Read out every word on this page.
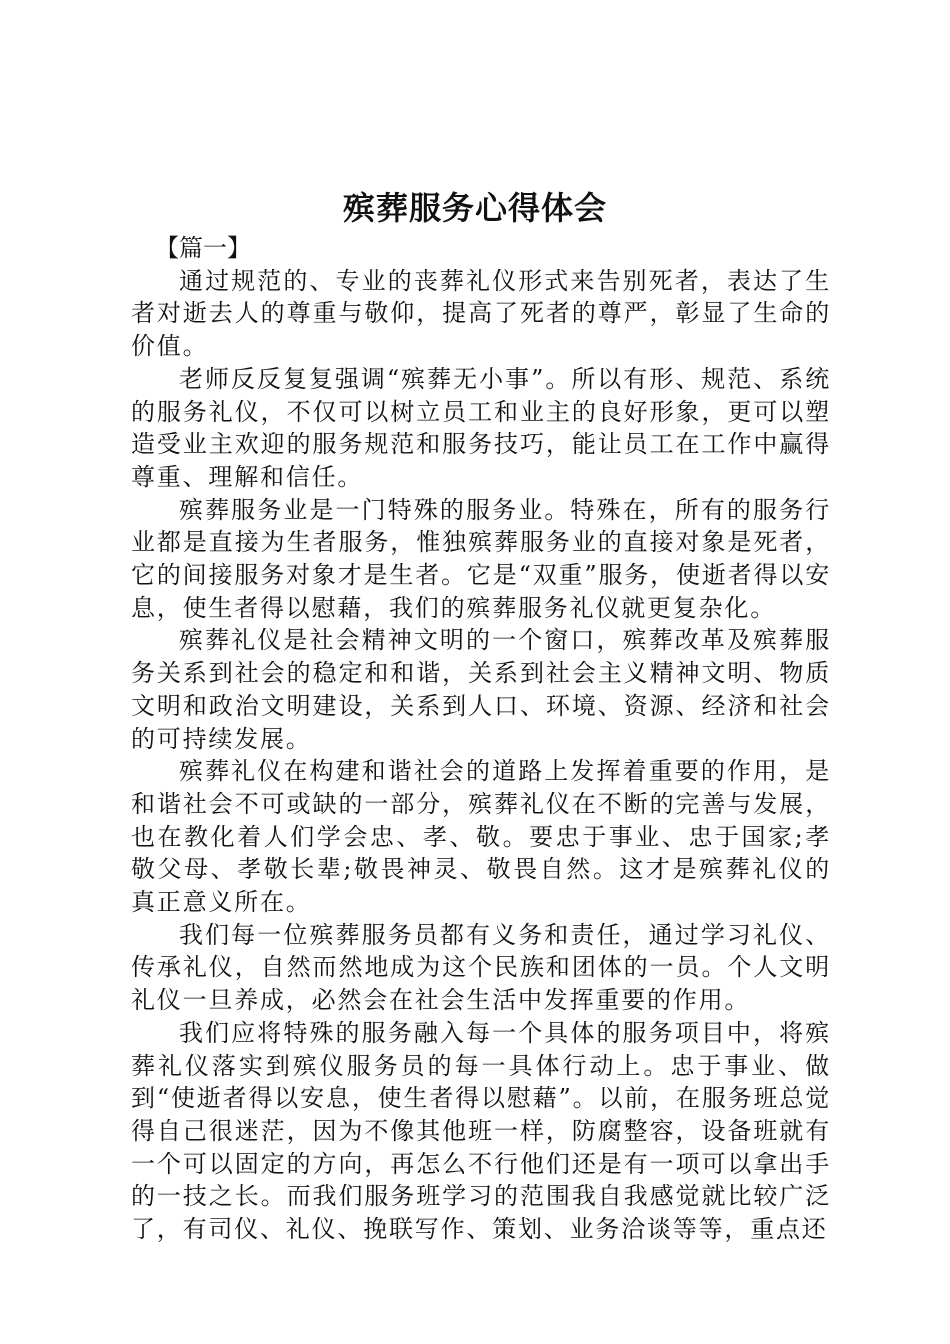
殡葬服务心得体会

【篇一】

通过规范的、专业的丧葬礼仪形式来告别死者，表达了生者对逝去人的尊重与敬仰，提高了死者的尊严，彰显了生命的价值。

老师反反复复强调“殡葬无小事”。所以有形、规范、系统的服务礼仪，不仅可以树立员工和业主的良好形象，更可以塑造受业主欢迎的服务规范和服务技巧，能让员工在工作中赢得尊重、理解和信任。

殡葬服务业是一门特殊的服务业。特殊在，所有的服务行业都是直接为生者服务，惟独殡葬服务业的直接对象是死者，它的间接服务对象才是生者。它是“双重”服务，使逝者得以安息，使生者得以慰藉，我们的殡葬服务礼仪就更复杂化。

殡葬礼仪是社会精神文明的一个窗口，殡葬改革及殡葬服务关系到社会的稳定和和谐，关系到社会主义精神文明、物质文明和政治文明建设，关系到人口、环境、资源、经济和社会的可持续发展。

殡葬礼仪在构建和谐社会的道路上发挥着重要的作用，是和谐社会不可或缺的一部分，殡葬礼仪在不断的完善与发展，也在教化着人们学会忠、孝、敬。要忠于事业、忠于国家;孝敬父母、孝敬长辈;敬畏神灵、敬畏自然。这才是殡葬礼仪的真正意义所在。

我们每一位殡葬服务员都有义务和责任，通过学习礼仪、传承礼仪，自然而然地成为这个民族和团体的一员。个人文明礼仪一旦养成，必然会在社会生活中发挥重要的作用。

我们应将特殊的服务融入每一个具体的服务项目中，将殡葬礼仪落实到殡仪服务员的每一具体行动上。忠于事业、做到“使逝者得以安息，使生者得以慰藉”。以前，在服务班总觉得自己很迷茫，因为不像其他班一样，防腐整容，设备班就有一个可以固定的方向，再怎么不行他们还是有一项可以拿出手的一技之长。而我们服务班学习的范围我自我感觉就比较广泛了，有司仪、礼仪、挽联写作、策划、业务洽谈等等，重点还
